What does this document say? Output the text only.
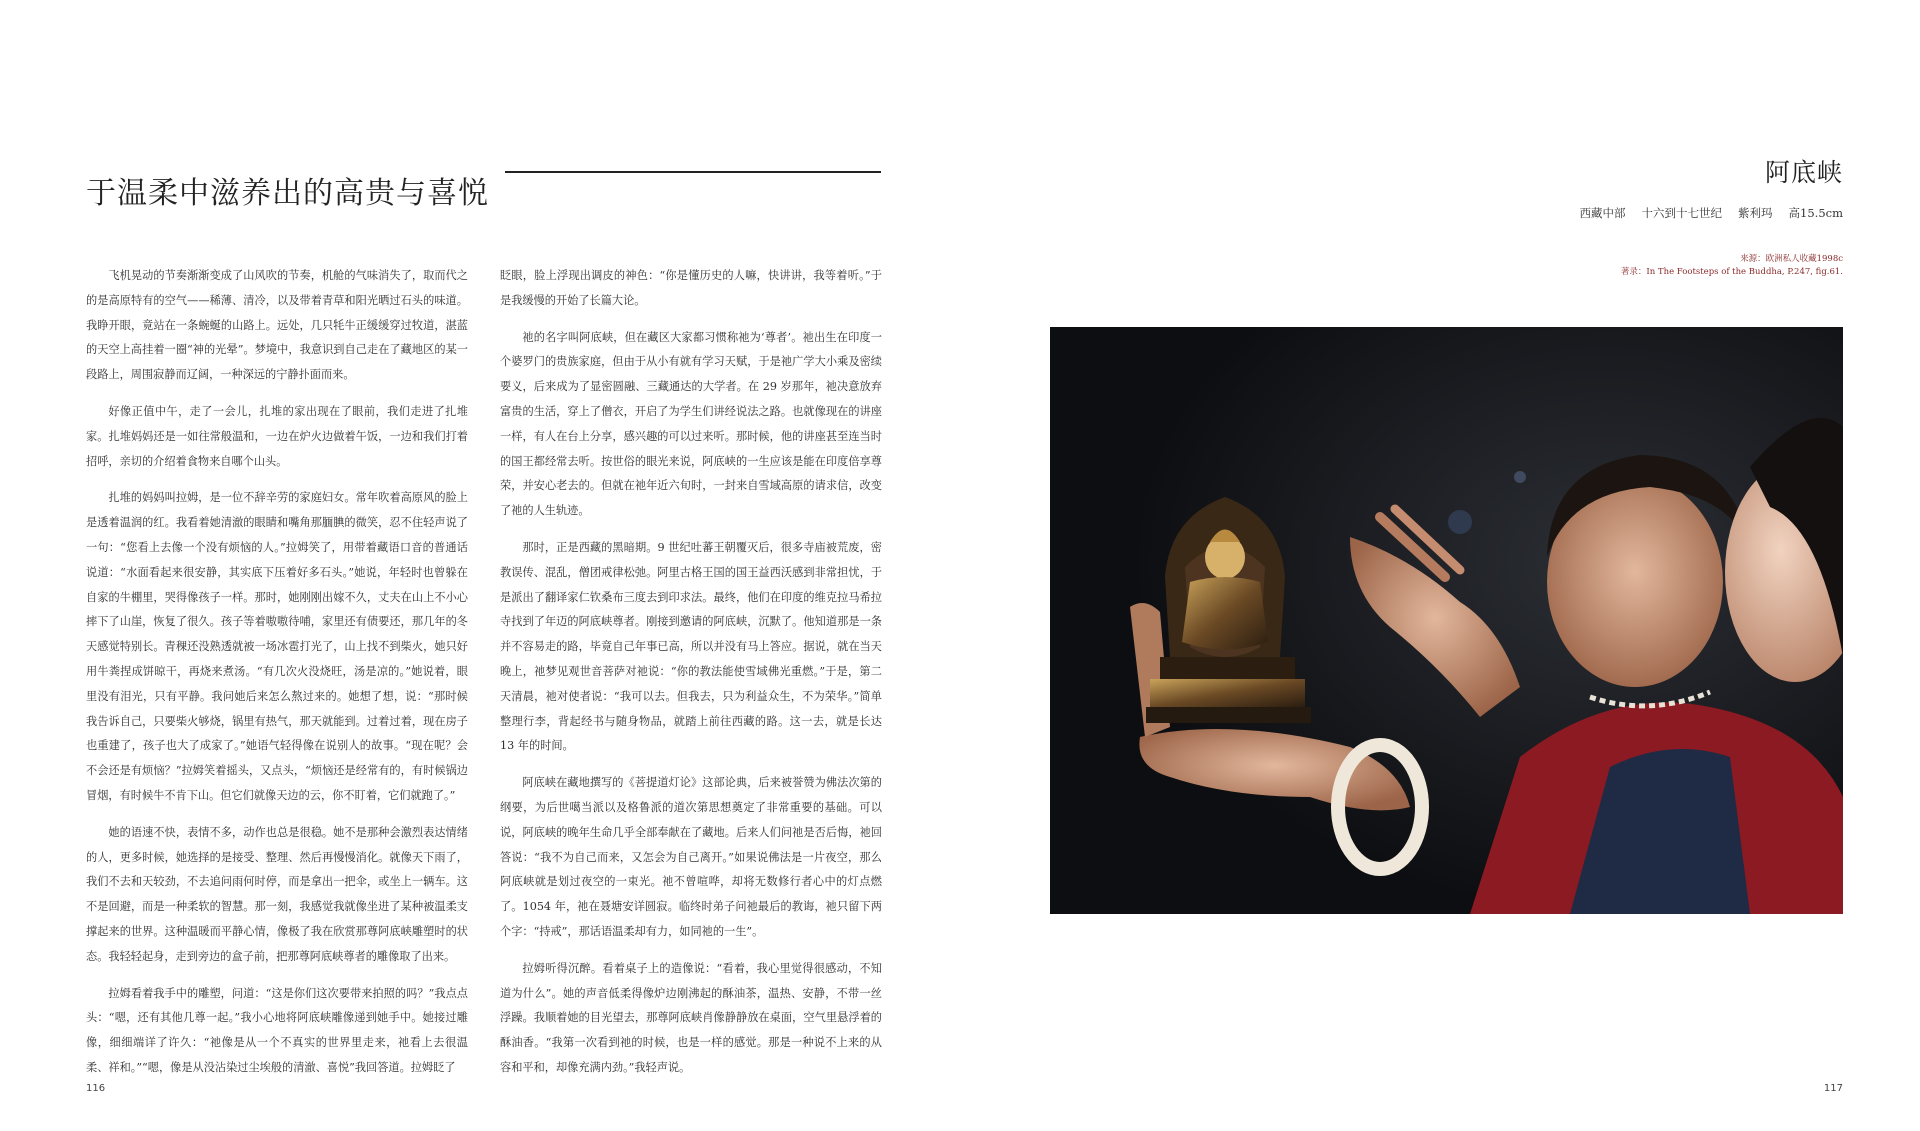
于温柔中滋养出的高贵与喜悦

飞机晃动的节奏渐渐变成了山风吹的节奏，机舱的气味消失了，取而代之的是高原特有的空气——稀薄、清冷，以及带着青草和阳光晒过石头的味道。我睁开眼，竟站在一条蜿蜒的山路上。远处，几只牦牛正缓缓穿过牧道，湛蓝的天空上高挂着一圈“神的光晕”。梦境中，我意识到自己走在了藏地区的某一段路上，周围寂静而辽阔，一种深远的宁静扑面而来。

好像正值中午，走了一会儿，扎堆的家出现在了眼前，我们走进了扎堆家。扎堆妈妈还是一如往常般温和，一边在炉火边做着午饭，一边和我们打着招呼，亲切的介绍着食物来自哪个山头。

扎堆的妈妈叫拉姆，是一位不辞辛劳的家庭妇女。常年吹着高原风的脸上是透着温润的红。我看着她清澈的眼睛和嘴角那腼腆的微笑，忍不住轻声说了一句：“您看上去像一个没有烦恼的人。”拉姆笑了，用带着藏语口音的普通话说道：“水面看起来很安静，其实底下压着好多石头。”她说，年轻时也曾躲在自家的牛棚里，哭得像孩子一样。那时，她刚刚出嫁不久，丈夫在山上不小心摔下了山崖，恢复了很久。孩子等着嗷嗷待哺，家里还有债要还，那几年的冬天感觉特别长。青稞还没熟透就被一场冰雹打光了，山上找不到柴火，她只好用牛粪捏成饼晾干，再烧来煮汤。“有几次火没烧旺，汤是凉的。”她说着，眼里没有泪光，只有平静。我问她后来怎么熬过来的。她想了想，说：“那时候我告诉自己，只要柴火够烧，锅里有热气，那天就能到。过着过着，现在房子也重建了，孩子也大了成家了。”她语气轻得像在说别人的故事。“现在呢？会不会还是有烦恼？”拉姆笑着摇头，又点头，“烦恼还是经常有的，有时候锅边冒烟，有时候牛不肯下山。但它们就像天边的云，你不盯着，它们就跑了。”

她的语速不快，表情不多，动作也总是很稳。她不是那种会激烈表达情绪的人，更多时候，她选择的是接受、整理、然后再慢慢消化。就像天下雨了，我们不去和天较劲，不去追问雨何时停，而是拿出一把伞，或坐上一辆车。这不是回避，而是一种柔软的智慧。那一刻，我感觉我就像坐进了某种被温柔支撑起来的世界。这种温暖而平静心情，像极了我在欣赏那尊阿底峡雕塑时的状态。我轻轻起身，走到旁边的盒子前，把那尊阿底峡尊者的雕像取了出来。

拉姆看着我手中的雕塑，问道：“这是你们这次要带来拍照的吗？”我点点头：“嗯，还有其他几尊一起。”我小心地将阿底峡雕像递到她手中。她接过雕像，细细端详了许久：“祂像是从一个不真实的世界里走来，祂看上去很温柔、祥和。”“嗯，像是从没沾染过尘埃般的清澈、喜悦”我回答道。拉姆眨了

眨眼，脸上浮现出调皮的神色：“你是懂历史的人嘛，快讲讲，我等着听。”于是我缓慢的开始了长篇大论。

祂的名字叫阿底峡，但在藏区大家都习惯称祂为‘尊者’。祂出生在印度一个婆罗门的贵族家庭，但由于从小有就有学习天赋，于是祂广学大小乘及密续要义，后来成为了显密圆融、三藏通达的大学者。在 29 岁那年，祂决意放弃富贵的生活，穿上了僧衣，开启了为学生们讲经说法之路。也就像现在的讲座一样，有人在台上分享，感兴趣的可以过来听。那时候，他的讲座甚至连当时的国王都经常去听。按世俗的眼光来说，阿底峡的一生应该是能在印度倍享尊荣，并安心老去的。但就在祂年近六旬时，一封来自雪域高原的请求信，改变了祂的人生轨迹。

那时，正是西藏的黑暗期。9 世纪吐蕃王朝覆灭后，很多寺庙被荒废，密教误传、混乱，僧团戒律松弛。阿里古格王国的国王益西沃感到非常担忧，于是派出了翻译家仁钦桑布三度去到印求法。最终，他们在印度的维克拉马希拉寺找到了年迈的阿底峡尊者。刚接到邀请的阿底峡，沉默了。他知道那是一条并不容易走的路，毕竟自己年事已高，所以并没有马上答应。据说，就在当天晚上，祂梦见观世音菩萨对祂说：“你的教法能使雪域佛光重燃。”于是，第二天清晨，祂对使者说：“我可以去。但我去，只为利益众生，不为荣华。”简单整理行李，背起经书与随身物品，就踏上前往西藏的路。这一去，就是长达 13 年的时间。

阿底峡在藏地撰写的《菩提道灯论》这部论典，后来被誉赞为佛法次第的纲要，为后世噶当派以及格鲁派的道次第思想奠定了非常重要的基础。可以说，阿底峡的晚年生命几乎全部奉献在了藏地。后来人们问祂是否后悔，祂回答说：“我不为自己而来，又怎会为自己离开。”如果说佛法是一片夜空，那么阿底峡就是划过夜空的一束光。祂不曾喧哗，却将无数修行者心中的灯点燃了。1054 年，祂在聂塘安详圆寂。临终时弟子问祂最后的教诲，祂只留下两个字：“持戒”，那话语温柔却有力，如同祂的一生”。

拉姆听得沉醉。看着桌子上的造像说：“看着，我心里觉得很感动，不知道为什么”。她的声音低柔得像炉边刚沸起的酥油茶，温热、安静，不带一丝浮躁。我顺着她的目光望去，那尊阿底峡肖像静静放在桌面，空气里悬浮着的酥油香。“我第一次看到祂的时候，也是一样的感觉。那是一种说不上来的从容和平和，却像充满内劲。”我轻声说。

116
阿底峡
西藏中部 十六到十七世纪 紫利玛 高15.5cm
来源：欧洲私人收藏1998c
著录：In The Footsteps of the Buddha, P.247, fig.61.
117
